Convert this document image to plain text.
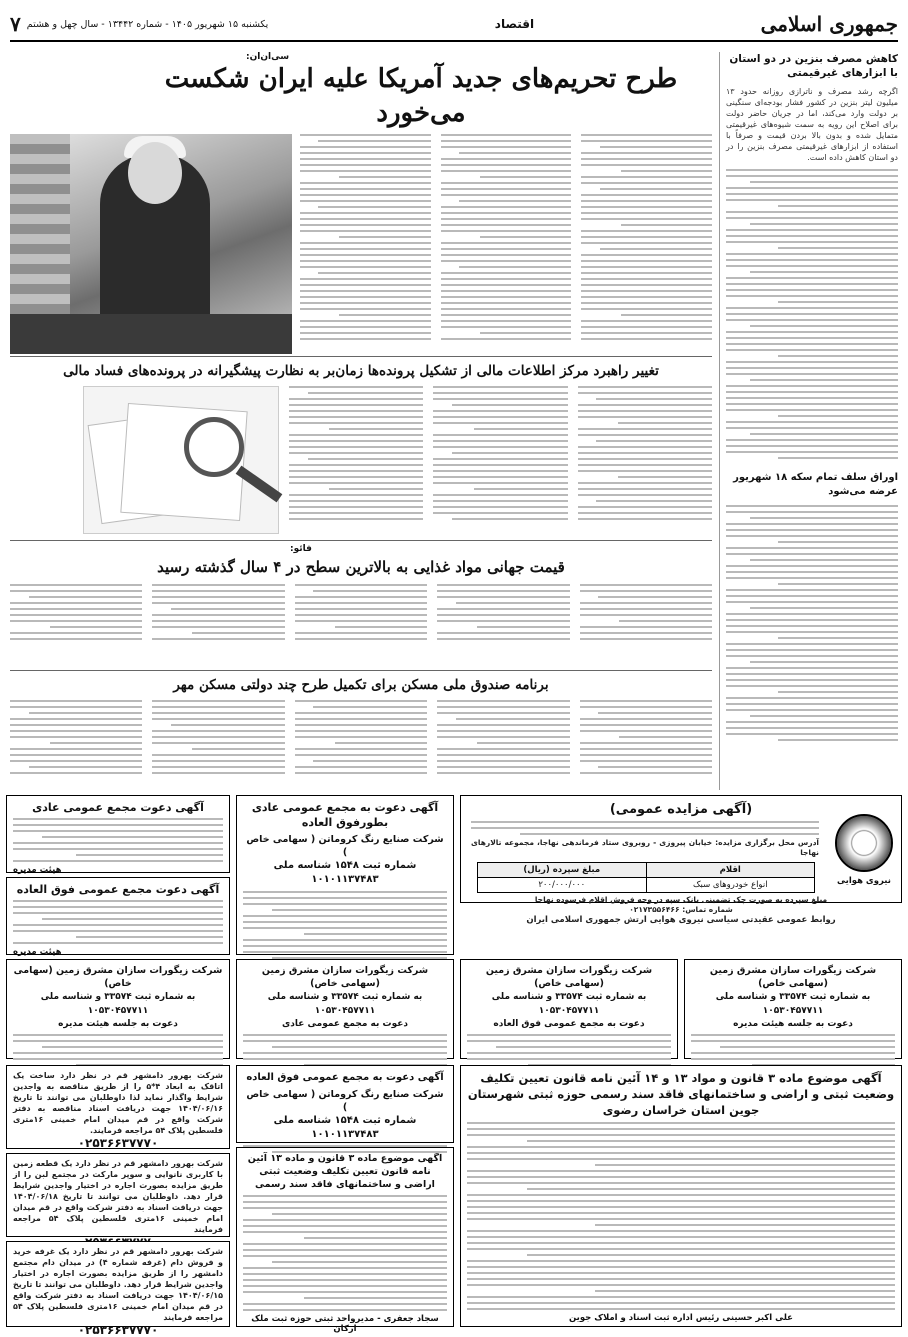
جمهوری اسلامی
اقتصاد
یکشنبه ۱۵ شهریور ۱۴۰۵ - شماره ۱۳۴۴۲ - سال چهل و هشتم
۷
کاهش مصرف بنزین در دو استان با ابزارهای غیرقیمتی
اگرچه رشد مصرف و ناترازی روزانه حدود ۱۳ میلیون لیتر بنزین در کشور فشار بودجه‌ای سنگینی بر دولت وارد می‌کند، اما در جریان حاضر دولت برای اصلاح این رویه به سمت شیوه‌های غیرقیمتی متمایل شده و بدون بالا بردن قیمت و صرفاً با استفاده از ابزارهای غیرقیمتی مصرف بنزین را در دو استان کاهش داده است.
اوراق سلف تمام سکه ۱۸ شهریور عرضه می‌شود
سی‌ان‌ان:
طرح تحریم‌های جدید آمریکا علیه ایران شکست می‌خورد
تغییر راهبرد مرکز اطلاعات مالی از تشکیل پرونده‌ها زمان‌بر به نظارت پیشگیرانه در پرونده‌های فساد مالی
فائو:
قیمت جهانی مواد غذایی به بالاترین سطح در ۴ سال گذشته رسید
برنامه صندوق ملی مسکن برای تکمیل طرح چند دولتی مسکن مهر
(آگهی مزایده عمومی)
نیروی هوایی
آدرس محل برگزاری مزایده: خیابان پیروزی - روبروی ستاد فرماندهی نهاجا، مجموعه تالارهای نهاجا
اقلام
مبلغ سپرده (ریال)
انواع خودروهای سبک
۲۰۰/۰۰۰/۰۰۰
مبلغ سپرده به صورت چک تضمینی بانک سپه در وجه فروش اقلام فرسوده نهاجا
شماره تماس: ۰۲۱۷۳۵۵۶۴۶۶
روابط عمومی عقیدتی سیاسی نیروی هوایی ارتش جمهوری اسلامی ایران
آگهی دعوت به مجمع عمومی عادی بطورفوق العاده
شرکت صنایع رنگ کروماتن ( سهامی خاص )
شماره ثبت ۱۵۴۸ شناسه ملی ۱۰۱۰۱۱۳۷۴۸۳
آگهی دعوت مجمع عمومی عادی
هیئت مدیره
آگهی دعوت مجمع عمومی فوق العاده
هیئت مدیره
شرکت زیگورات سازان مشرق زمین (سهامی خاص)
به شماره ثبت ۳۳۵۷۴ و شناسه ملی ۱۰۵۳۰۴۵۷۷۱۱
دعوت به جلسه هیئت مدیره
شرکت زیگورات سازان مشرق زمین (سهامی خاص)
به شماره ثبت ۳۳۵۷۴ و شناسه ملی ۱۰۵۳۰۴۵۷۷۱۱
دعوت به مجمع عمومی فوق العاده
شرکت زیگورات سازان مشرق زمین (سهامی خاص)
به شماره ثبت ۳۳۵۷۴ و شناسه ملی ۱۰۵۳۰۴۵۷۷۱۱
دعوت به مجمع عمومی عادی
شرکت زیگورات سازان مشرق زمین (سهامی خاص)
به شماره ثبت ۳۳۵۷۴ و شناسه ملی ۱۰۵۳۰۴۵۷۷۱۱
دعوت به جلسه هیئت مدیره
آگهی موضوع ماده ۳ قانون و مواد ۱۳ و ۱۴ آئین نامه قانون تعیین تکلیف وضعیت ثبتی و اراضی و ساختمانهای فاقد سند رسمی حوزه ثبتی شهرستان جوین استان خراسان رضوی
علی اکبر حسینی رئیس اداره ثبت اسناد و املاک جوین
آگهی موضوع ماده ۳ قانون و ماده ۱۳ آئین نامه قانون تعیین تکلیف وضعیت ثبتی اراضی و ساختمانهای فاقد سند رسمی
سجاد جعفری - مدیرواحد ثبتی حوزه ثبت ملک ارکان
آگهی دعوت به مجمع عمومی فوق العاده
شرکت صنایع رنگ کروماتن ( سهامی خاص )
شماره ثبت ۱۵۴۸ شناسه ملی ۱۰۱۰۱۱۳۷۴۸۳
شرکت بهرور دامشهر قم در نظر دارد ساخت یک اتاقک به ابعاد ۴*۵ را از طریق مناقصه به واجدین شرایط واگذار نماید لذا داوطلبان می توانند تا تاریخ ۱۴۰۴/۰۶/۱۶ جهت دریافت اسناد مناقصه به دفتر شرکت واقع در قم میدان امام خمینی ۱۶متری فلسطین پلاک ۵۴ مراجعه فرمایند.
۰۲۵۳۶۶۳۷۷۷۰
شرکت بهرور دامشهر قم در نظر دارد یک قطعه زمین با کاربری نانوایی و سوپر مارکت در مجتمع لبن را از طریق مزایده بصورت اجاره در اختیار واجدین شرایط قرار دهد. داوطلبان می توانند تا تاریخ ۱۴۰۴/۰۶/۱۸ جهت دریافت اسناد به دفتر شرکت واقع در قم میدان امام خمینی ۱۶متری فلسطین پلاک ۵۴ مراجعه فرمایند
شرکت بهرور دامشهر قم در نظر دارد یک غرفه خرید و فروش دام (غرفه شماره ۴) در میدان دام مجتمع دامشهر را از طریق مزایده بصورت اجاره در اختیار واجدین شرایط قرار دهد. داوطلبان می توانند تا تاریخ ۱۴۰۴/۰۶/۱۵ جهت دریافت اسناد به دفتر شرکت واقع در قم میدان امام خمینی ۱۶متری فلسطین پلاک ۵۴ مراجعه فرمایند
۰۲۵۳۶۶۳۷۷۷۰
